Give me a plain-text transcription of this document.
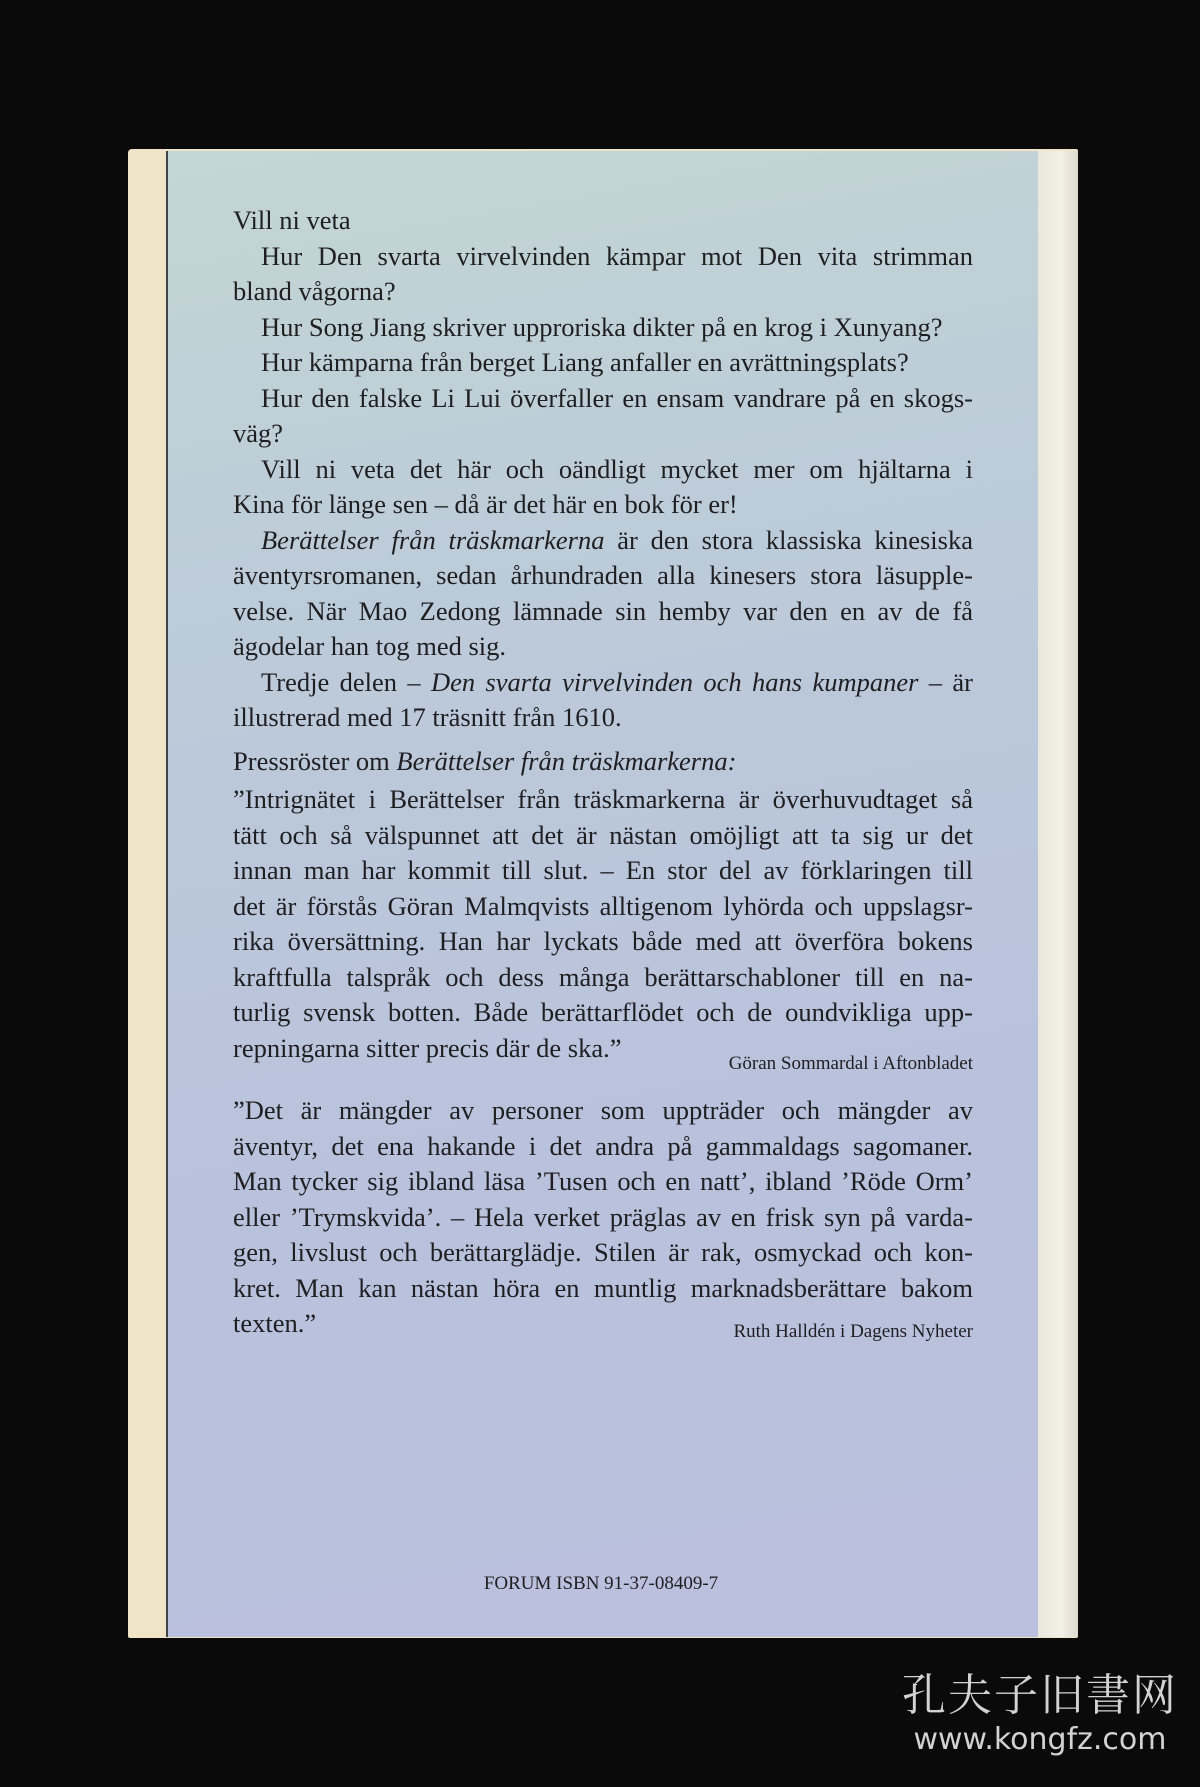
Vill ni veta
Hur Den svarta virvelvinden kämpar mot Den vita strimman
bland vågorna?
Hur Song Jiang skriver upproriska dikter på en krog i Xunyang?
Hur kämparna från berget Liang anfaller en avrättningsplats?
Hur den falske Li Lui överfaller en ensam vandrare på en skogs-
väg?
Vill ni veta det här och oändligt mycket mer om hjältarna i
Kina för länge sen – då är det här en bok för er!
Berättelser från träskmarkerna är den stora klassiska kinesiska
äventyrsromanen, sedan århundraden alla kinesers stora läsupple-
velse. När Mao Zedong lämnade sin hemby var den en av de få
ägodelar han tog med sig.
Tredje delen – Den svarta virvelvinden och hans kumpaner – är
illustrerad med 17 träsnitt från 1610.
Pressröster om Berättelser från träskmarkerna:
”Intrignätet i Berättelser från träskmarkerna är överhuvudtaget så
tätt och så välspunnet att det är nästan omöjligt att ta sig ur det
innan man har kommit till slut. – En stor del av förklaringen till
det är förstås Göran Malmqvists alltigenom lyhörda och uppslagsr-
rika översättning. Han har lyckats både med att överföra bokens
kraftfulla talspråk och dess många berättarschabloner till en na-
turlig svensk botten. Både berättarflödet och de oundvikliga upp-
repningarna sitter precis där de ska.”
Göran Sommardal i Aftonbladet
”Det är mängder av personer som uppträder och mängder av
äventyr, det ena hakande i det andra på gammaldags sagomaner.
Man tycker sig ibland läsa ’Tusen och en natt’, ibland ’Röde Orm’
eller ’Trymskvida’. – Hela verket präglas av en frisk syn på varda-
gen, livslust och berättarglädje. Stilen är rak, osmyckad och kon-
kret. Man kan nästan höra en muntlig marknadsberättare bakom
texten.”	Ruth Halldén i Dagens Nyheter
FORUM ISBN 91-37-08409-7
孔夫子旧書网
www.kongfz.com
